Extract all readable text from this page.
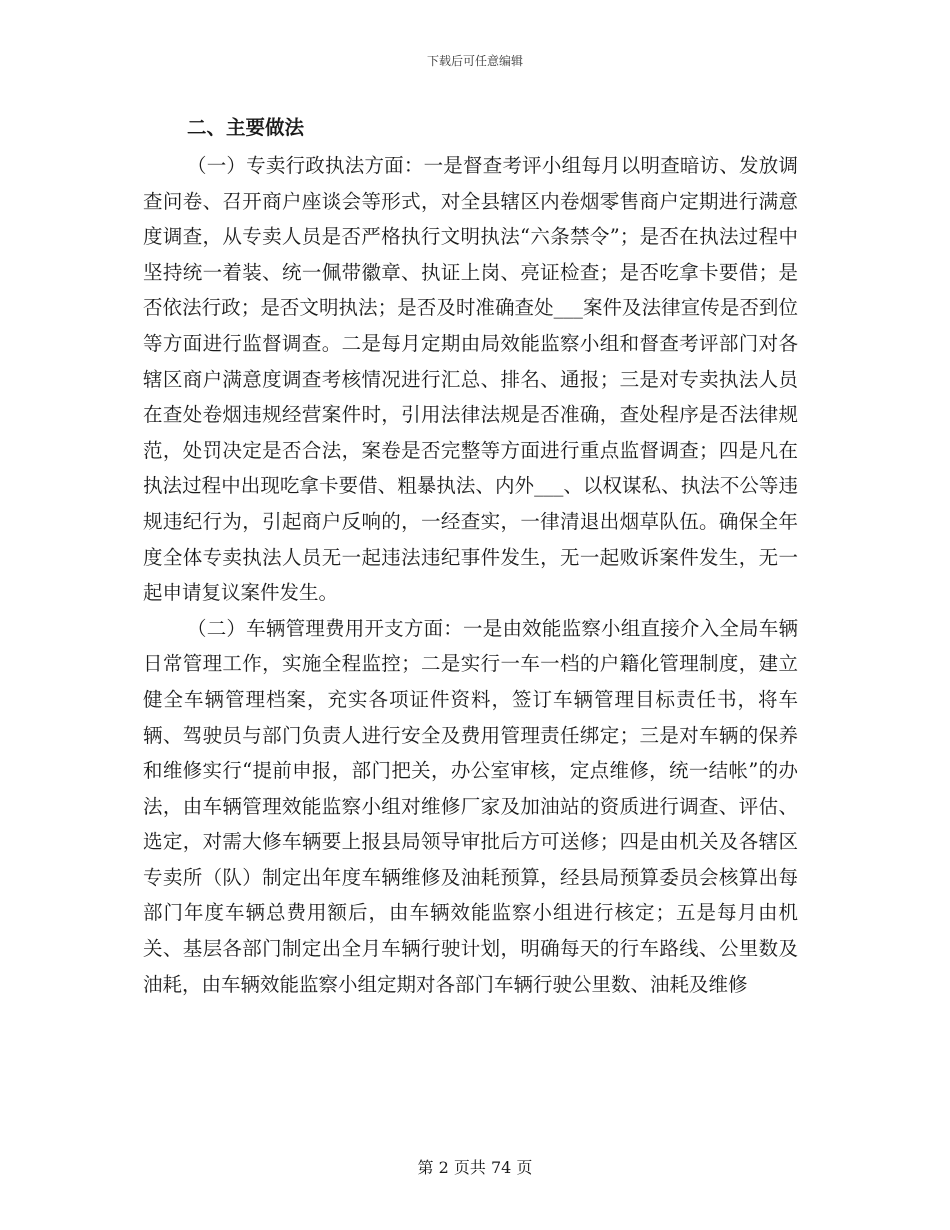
下载后可任意编辑
二、主要做法

（一）专卖行政执法方面：一是督查考评小组每月以明查暗访、发放调查问卷、召开商户座谈会等形式，对全县辖区内卷烟零售商户定期进行满意度调查，从专卖人员是否严格执行文明执法“六条禁令”；是否在执法过程中坚持统一着装、统一佩带徽章、执证上岗、亮证检查；是否吃拿卡要借；是否依法行政；是否文明执法；是否及时准确查处___案件及法律宣传是否到位等方面进行监督调查。二是每月定期由局效能监察小组和督查考评部门对各辖区商户满意度调查考核情况进行汇总、排名、通报；三是对专卖执法人员在查处卷烟违规经营案件时，引用法律法规是否准确，查处程序是否法律规范，处罚决定是否合法，案卷是否完整等方面进行重点监督调查；四是凡在执法过程中出现吃拿卡要借、粗暴执法、内外___、以权谋私、执法不公等违规违纪行为，引起商户反响的，一经查实，一律清退出烟草队伍。确保全年度全体专卖执法人员无一起违法违纪事件发生，无一起败诉案件发生，无一起申请复议案件发生。

（二）车辆管理费用开支方面：一是由效能监察小组直接介入全局车辆日常管理工作，实施全程监控；二是实行一车一档的户籍化管理制度，建立健全车辆管理档案，充实各项证件资料，签订车辆管理目标责任书，将车辆、驾驶员与部门负责人进行安全及费用管理责任绑定；三是对车辆的保养和维修实行“提前申报，部门把关，办公室审核，定点维修，统一结帐”的办法，由车辆管理效能监察小组对维修厂家及加油站的资质进行调查、评估、选定，对需大修车辆要上报县局领导审批后方可送修；四是由机关及各辖区专卖所（队）制定出年度车辆维修及油耗预算，经县局预算委员会核算出每部门年度车辆总费用额后，由车辆效能监察小组进行核定；五是每月由机关、基层各部门制定出全月车辆行驶计划，明确每天的行车路线、公里数及油耗，由车辆效能监察小组定期对各部门车辆行驶公里数、油耗及维修

第 2 页共 74 页
